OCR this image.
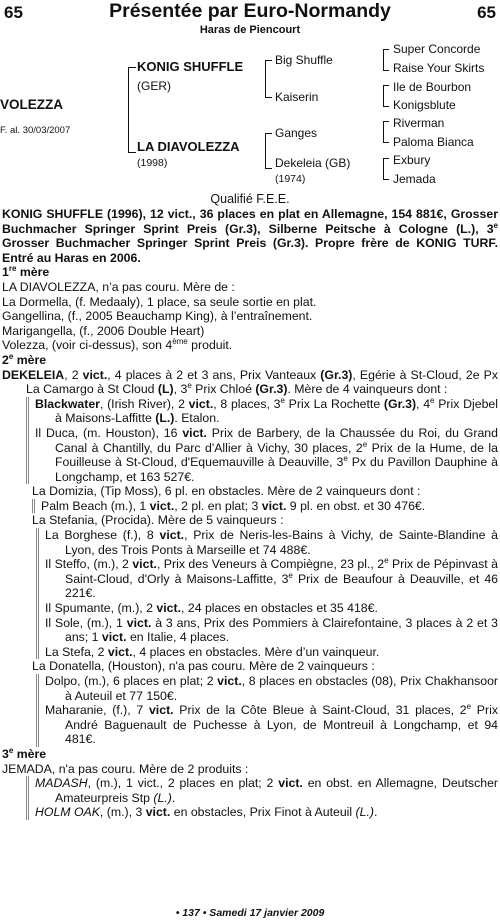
65	65
Présentée par Euro-Normandy
Haras de Piencourt
VOLEZZA
F. al. 30/03/2007
KONIG SHUFFLE
(GER)
LA DIAVOLEZZA
(1998)
Big Shuffle
Kaiserin
Ganges
Dekeleia (GB)
(1974)
Super Concorde
Raise Your Skirts
Ile de Bourbon
Konigsblute
Riverman
Paloma Bianca
Exbury
Jemada
Qualifié F.E.E.

KONIG SHUFFLE (1996), 12 vict., 36 places en plat en Allemagne, 154 881€, Grosser Buchmacher Springer Sprint Preis (Gr.3), Silberne Peitsche à Cologne (L.), 3e Grosser Buchmacher Springer Sprint Preis (Gr.3). Propre frère de KONIG TURF. Entré au Haras en 2006.

1re mère

LA DIAVOLEZZA, n’a pas couru. Mère de :

La Dormella, (f. Medaaly), 1 place, sa seule sortie en plat.

Gangellina, (f., 2005 Beauchamp King), à l’entraînement.

Marigangella, (f., 2006 Double Heart)

Volezza, (voir ci-dessus), son 4ème produit.

2e mère

DEKELEIA, 2 vict., 4 places à 2 et 3 ans, Prix Vanteaux (Gr.3), Egérie à St-Cloud, 2e Px La Camargo à St Cloud (L), 3e Prix Chloé (Gr.3). Mère de 4 vainqueurs dont :

Blackwater, (Irish River), 2 vict., 8 places, 3e Prix La Rochette (Gr.3), 4e Prix Djebel à Maisons-Laffitte (L.). Etalon.

Il Duca, (m. Houston), 16 vict. Prix de Barbery, de la Chaussée du Roi, du Grand Canal à Chantilly, du Parc d'Allier à Vichy, 30 places, 2e Prix de la Hume, de la Fouilleuse à St-Cloud, d'Equemauville à Deauville, 3e Px du Pavillon Dauphine à Longchamp, et 163 527€.

La Domizia, (Tip Moss), 6 pl. en obstacles. Mère de 2 vainqueurs dont :

Palm Beach (m.), 1 vict., 2 pl. en plat; 3 vict. 9 pl. en obst. et 30 476€.

La Stefania, (Procida). Mère de 5 vainqueurs :

La Borghese (f.), 8 vict., Prix de Neris-les-Bains à Vichy, de Sainte-Blandine à Lyon, des Trois Ponts à Marseille et 74 488€.

Il Steffo, (m.), 2 vict., Prix des Veneurs à Compiègne, 23 pl., 2e Prix de Pépinvast à Saint-Cloud, d'Orly à Maisons-Laffitte, 3e Prix de Beaufour à Deauville, et 46 221€.

Il Spumante, (m.), 2 vict., 24 places en obstacles et 35 418€.

Il Sole, (m.), 1 vict. à 3 ans, Prix des Pommiers à Clairefontaine, 3 places à 2 et 3 ans; 1 vict. en Italie, 4 places.

La Stefa, 2 vict., 4 places en obstacles. Mère d’un vainqueur.

La Donatella, (Houston), n'a pas couru. Mère de 2 vainqueurs :

Dolpo, (m.), 6 places en plat; 2 vict., 8 places en obstacles (08), Prix Chakhansoor à Auteuil et 77 150€.

Maharanie, (f.), 7 vict. Prix de la Côte Bleue à Saint-Cloud, 31 places, 2e Prix André Baguenault de Puchesse à Lyon, de Montreuil à Longchamp, et 94 481€.

3e mère

JEMADA, n'a pas couru. Mère de 2 produits :

MADASH, (m.), 1 vict., 2 places en plat; 2 vict. en obst. en Allemagne, Deutscher Amateurpreis Stp (L.).

HOLM OAK, (m.), 3 vict. en obstacles, Prix Finot à Auteuil (L.).

• 137 • Samedi 17 janvier 2009
